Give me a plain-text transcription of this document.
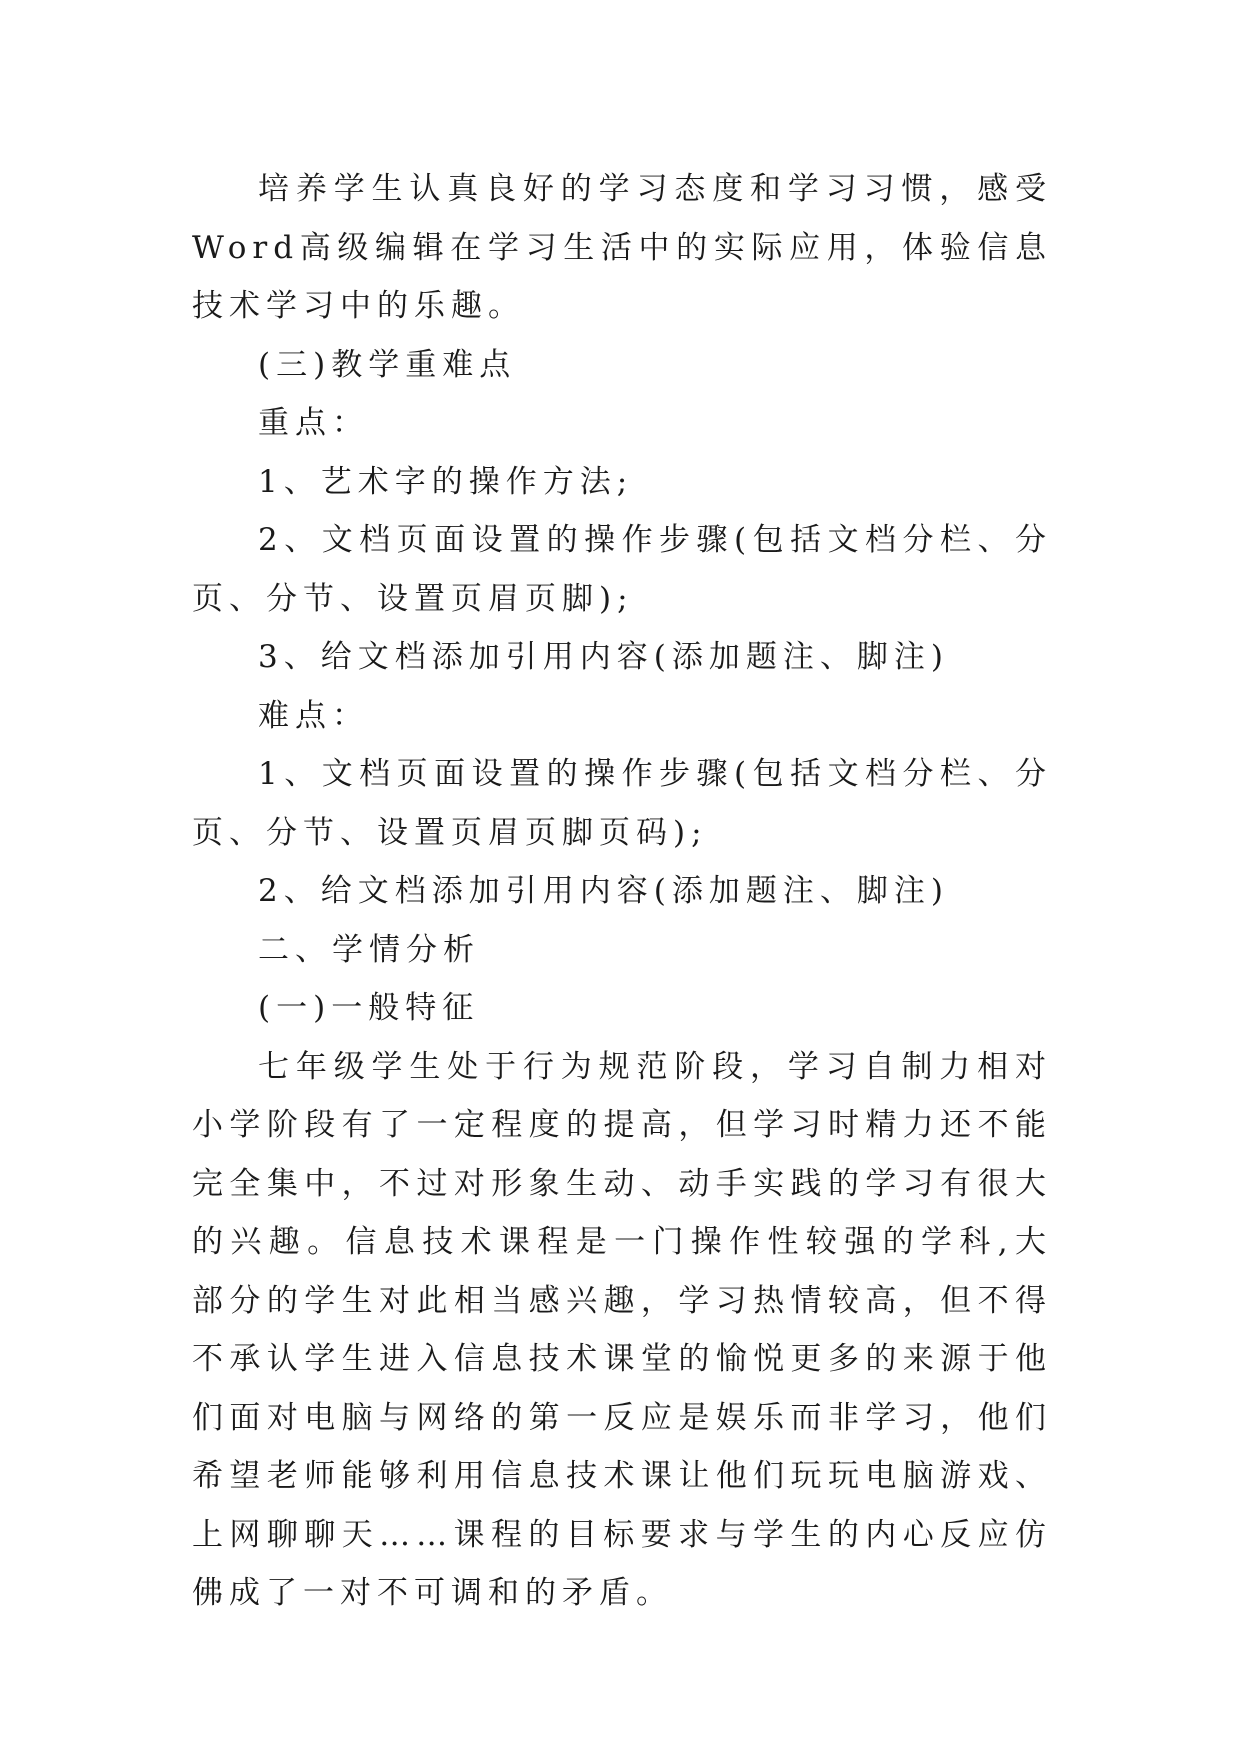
培养学生认真良好的学习态度和学习习惯，感受Word高级编辑在学习生活中的实际应用，体验信息技术学习中的乐趣。

(三)教学重难点

重点：

1、艺术字的操作方法;

2、文档页面设置的操作步骤(包括文档分栏、分页、分节、设置页眉页脚);

3、给文档添加引用内容(添加题注、脚注)

难点：

1、文档页面设置的操作步骤(包括文档分栏、分页、分节、设置页眉页脚页码);

2、给文档添加引用内容(添加题注、脚注)

二、学情分析

(一)一般特征

七年级学生处于行为规范阶段，学习自制力相对小学阶段有了一定程度的提高，但学习时精力还不能完全集中，不过对形象生动、动手实践的学习有很大的兴趣。信息技术课程是一门操作性较强的学科,大部分的学生对此相当感兴趣，学习热情较高，但不得不承认学生进入信息技术课堂的愉悦更多的来源于他们面对电脑与网络的第一反应是娱乐而非学习，他们希望老师能够利用信息技术课让他们玩玩电脑游戏、上网聊聊天……课程的目标要求与学生的内心反应仿佛成了一对不可调和的矛盾。
